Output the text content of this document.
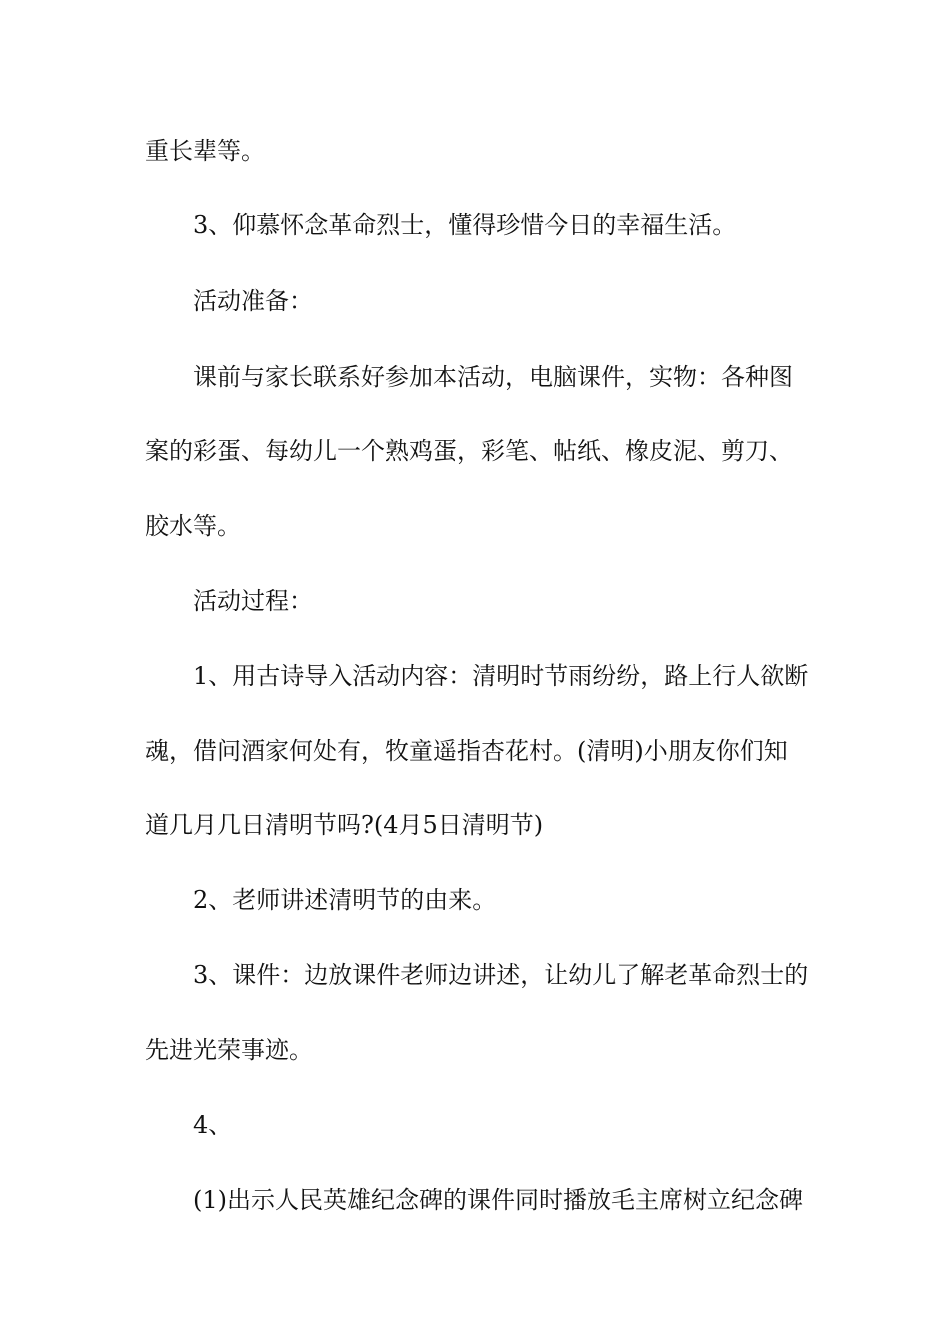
重长辈等。
3、仰慕怀念革命烈士，懂得珍惜今日的幸福生活。
活动准备：
课前与家长联系好参加本活动，电脑课件，实物：各种图
案的彩蛋、每幼儿一个熟鸡蛋，彩笔、帖纸、橡皮泥、剪刀、
胶水等。
活动过程：
1、用古诗导入活动内容：清明时节雨纷纷，路上行人欲断
魂，借问酒家何处有，牧童遥指杏花村。(清明)小朋友你们知
道几月几日清明节吗?(4月5日清明节)
2、老师讲述清明节的由来。
3、课件：边放课件老师边讲述，让幼儿了解老革命烈士的
先进光荣事迹。
4、
(1)出示人民英雄纪念碑的课件同时播放毛主席树立纪念碑
